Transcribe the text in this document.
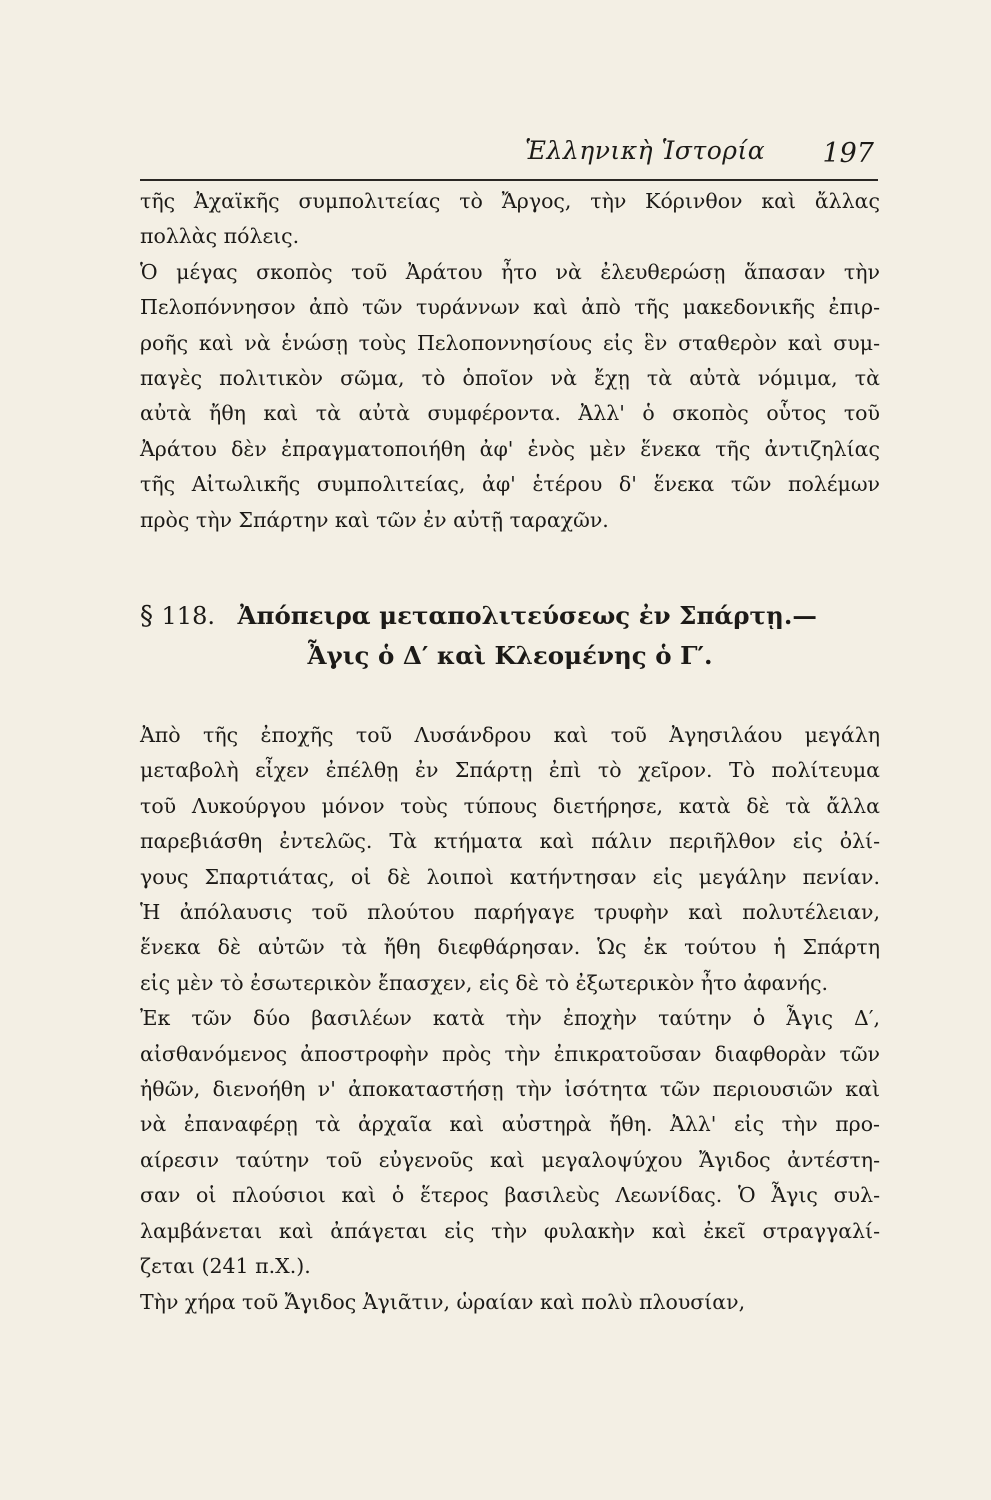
Ἑλληνικὴ Ἱστορία 197
τῆς Ἀχαϊκῆς συμπολιτείας τὸ Ἄργος, τὴν Κόρινθον καὶ ἄλλας
πολλὰς πόλεις.
Ὁ μέγας σκοπὸς τοῦ Ἀράτου ἦτο νὰ ἐλευθερώσῃ ἅπασαν τὴν
Πελοπόννησον ἀπὸ τῶν τυράννων καὶ ἀπὸ τῆς μακεδονικῆς ἐπιρ-
ροῆς καὶ νὰ ἑνώσῃ τοὺς Πελοποννησίους εἰς ἓν σταθερὸν καὶ συμ-
παγὲς πολιτικὸν σῶμα, τὸ ὁποῖον νὰ ἔχῃ τὰ αὐτὰ νόμιμα, τὰ
αὐτὰ ἤθη καὶ τὰ αὐτὰ συμφέροντα. Ἀλλ' ὁ σκοπὸς οὗτος τοῦ
Ἀράτου δὲν ἐπραγματοποιήθη ἀφ' ἑνὸς μὲν ἕνεκα τῆς ἀντιζηλίας
τῆς Αἰτωλικῆς συμπολιτείας, ἀφ' ἑτέρου δ' ἕνεκα τῶν πολέμων
πρὸς τὴν Σπάρτην καὶ τῶν ἐν αὐτῇ ταραχῶν.
§ 118. Ἀπόπειρα μεταπολιτεύσεως ἐν Σπάρτῃ.—
Ἆγις ὁ Δ′ καὶ Κλεομένης ὁ Γ′.
Ἀπὸ τῆς ἐποχῆς τοῦ Λυσάνδρου καὶ τοῦ Ἀγησιλάου μεγάλη
μεταβολὴ εἶχεν ἐπέλθῃ ἐν Σπάρτῃ ἐπὶ τὸ χεῖρον. Τὸ πολίτευμα
τοῦ Λυκούργου μόνον τοὺς τύπους διετήρησε, κατὰ δὲ τὰ ἄλλα
παρεβιάσθη ἐντελῶς. Τὰ κτήματα καὶ πάλιν περιῆλθον εἰς ὀλί-
γους Σπαρτιάτας, οἱ δὲ λοιποὶ κατήντησαν εἰς μεγάλην πενίαν.
Ἡ ἀπόλαυσις τοῦ πλούτου παρήγαγε τρυφὴν καὶ πολυτέλειαν,
ἕνεκα δὲ αὐτῶν τὰ ἤθη διεφθάρησαν. Ὡς ἐκ τούτου ἡ Σπάρτη
εἰς μὲν τὸ ἐσωτερικὸν ἔπασχεν, εἰς δὲ τὸ ἐξωτερικὸν ἦτο ἀφανής.
Ἐκ τῶν δύο βασιλέων κατὰ τὴν ἐποχὴν ταύτην ὁ Ἆγις Δ′,
αἰσθανόμενος ἀποστροφὴν πρὸς τὴν ἐπικρατοῦσαν διαφθορὰν τῶν
ἠθῶν, διενοήθη ν' ἀποκαταστήσῃ τὴν ἰσότητα τῶν περιουσιῶν καὶ
νὰ ἐπαναφέρῃ τὰ ἀρχαῖα καὶ αὐστηρὰ ἤθη. Ἀλλ' εἰς τὴν προ-
αίρεσιν ταύτην τοῦ εὐγενοῦς καὶ μεγαλοψύχου Ἄγιδος ἀντέστη-
σαν οἱ πλούσιοι καὶ ὁ ἕτερος βασιλεὺς Λεωνίδας. Ὁ Ἆγις συλ-
λαμβάνεται καὶ ἀπάγεται εἰς τὴν φυλακὴν καὶ ἐκεῖ στραγγαλί-
ζεται (241 π.Χ.).
Τὴν χήρα τοῦ Ἄγιδος Ἀγιᾶτιν, ὡραίαν καὶ πολὺ πλουσίαν,
